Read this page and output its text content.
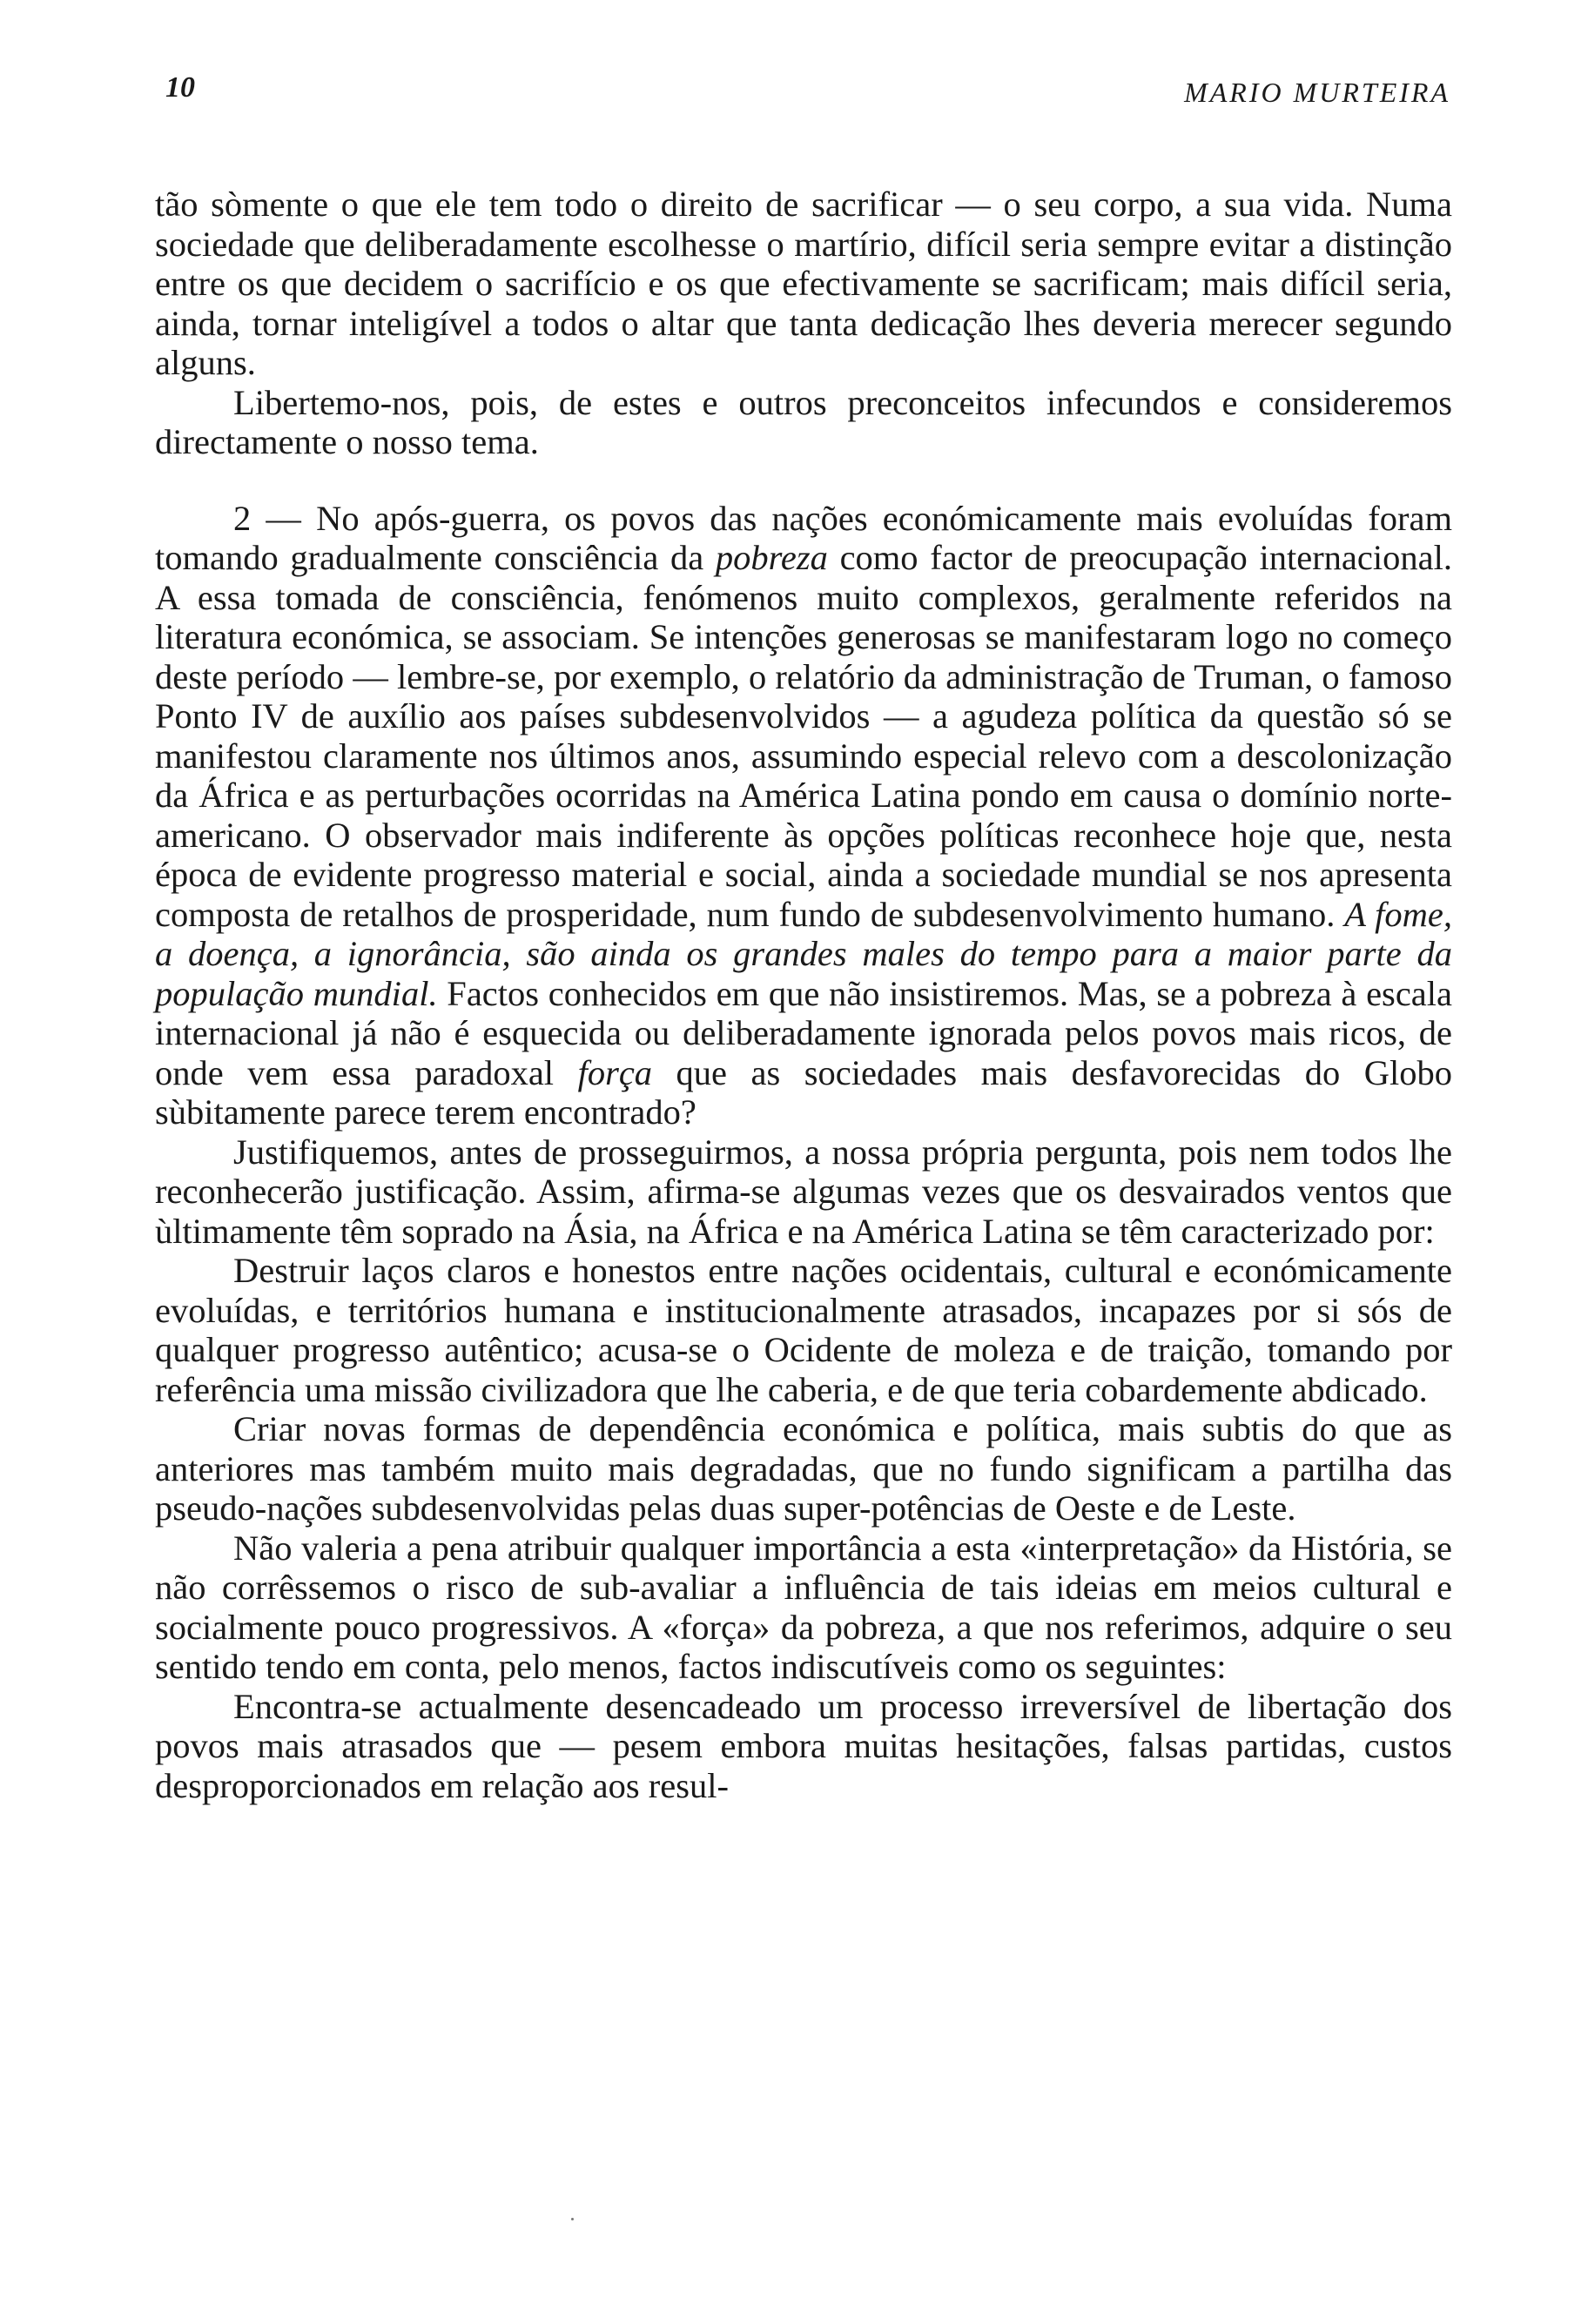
10	MARIO MURTEIRA

tão sòmente o que ele tem todo o direito de sacrificar — o seu corpo, a sua vida. Numa sociedade que deliberadamente escolhesse o martírio, difícil seria sempre evitar a distinção entre os que decidem o sacrifício e os que efectivamente se sacrificam; mais difícil seria, ainda, tornar inteligível a todos o altar que tanta dedicação lhes deveria merecer segundo alguns.

Libertemo-nos, pois, de estes e outros preconceitos infecundos e consideremos directamente o nosso tema.

2 — No após-guerra, os povos das nações económicamente mais evoluídas foram tomando gradualmente consciência da pobreza como factor de preocupação internacional. A essa tomada de consciência, fenómenos muito complexos, geralmente referidos na literatura económica, se associam. Se intenções generosas se manifestaram logo no começo deste período — lembre-se, por exemplo, o relatório da administração de Truman, o famoso Ponto IV de auxílio aos países subdesenvolvidos — a agudeza política da questão só se manifestou claramente nos últimos anos, assumindo especial relevo com a descolonização da África e as perturbações ocorridas na América Latina pondo em causa o domínio norte-americano. O observador mais indiferente às opções políticas reconhece hoje que, nesta época de evidente progresso material e social, ainda a sociedade mundial se nos apresenta composta de retalhos de prosperidade, num fundo de subdesenvolvimento humano. A fome, a doença, a ignorância, são ainda os grandes males do tempo para a maior parte da população mundial. Factos conhecidos em que não insistiremos. Mas, se a pobreza à escala internacional já não é esquecida ou deliberadamente ignorada pelos povos mais ricos, de onde vem essa paradoxal força que as sociedades mais desfavorecidas do Globo sùbitamente parece terem encontrado?

Justifiquemos, antes de prosseguirmos, a nossa própria pergunta, pois nem todos lhe reconhecerão justificação. Assim, afirma-se algumas vezes que os desvairados ventos que ùltimamente têm soprado na Ásia, na África e na América Latina se têm caracterizado por:

Destruir laços claros e honestos entre nações ocidentais, cultural e económicamente evoluídas, e territórios humana e institucionalmente atrasados, incapazes por si sós de qualquer progresso autêntico; acusa-se o Ocidente de moleza e de traição, tomando por referência uma missão civilizadora que lhe caberia, e de que teria cobardemente abdicado.

Criar novas formas de dependência económica e política, mais subtis do que as anteriores mas também muito mais degradadas, que no fundo significam a partilha das pseudo-nações subdesenvolvidas pelas duas super-potências de Oeste e de Leste.

Não valeria a pena atribuir qualquer importância a esta «interpretação» da História, se não corrêssemos o risco de sub-avaliar a influência de tais ideias em meios cultural e socialmente pouco progressivos. A «força» da pobreza, a que nos referimos, adquire o seu sentido tendo em conta, pelo menos, factos indiscutíveis como os seguintes:

Encontra-se actualmente desencadeado um processo irreversível de libertação dos povos mais atrasados que — pesem embora muitas hesitações, falsas partidas, custos desproporcionados em relação aos resul-
